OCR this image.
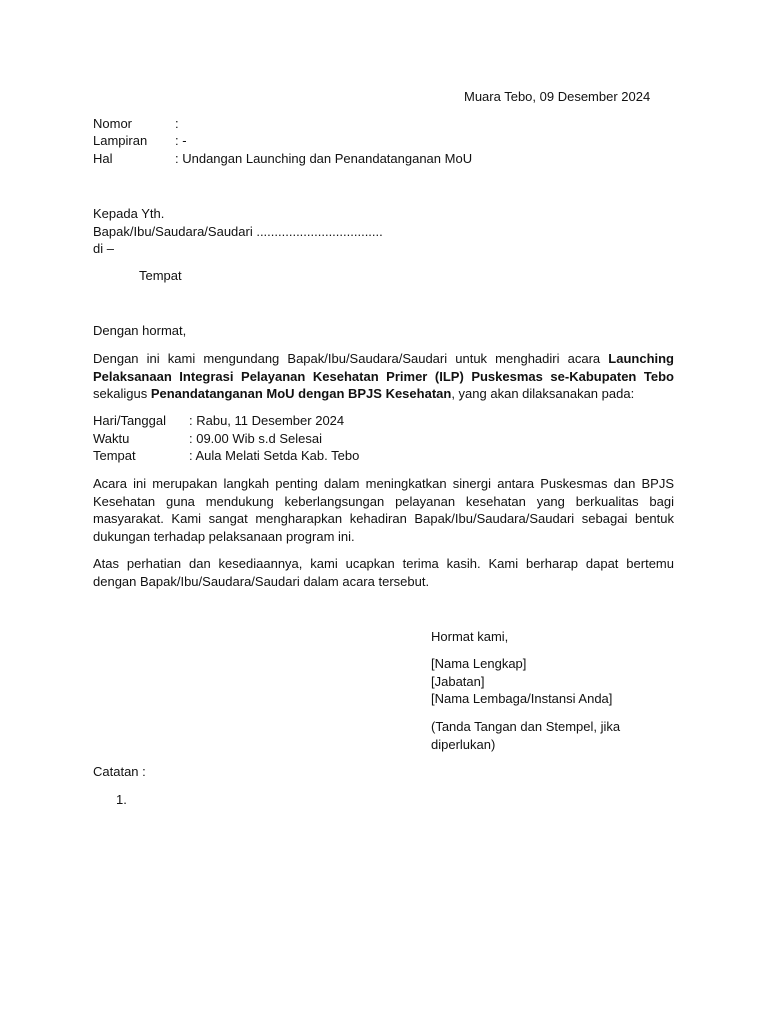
Muara Tebo, 09 Desember 2024
Nomor	:
Lampiran : -
Hal	: Undangan Launching dan Penandatanganan MoU
Kepada Yth.
Bapak/Ibu/Saudara/Saudari ...................................
di –
Tempat
Dengan hormat,
Dengan ini kami mengundang Bapak/Ibu/Saudara/Saudari untuk menghadiri acara Launching Pelaksanaan Integrasi Pelayanan Kesehatan Primer (ILP) Puskesmas se-Kabupaten Tebo sekaligus Penandatanganan MoU dengan BPJS Kesehatan, yang akan dilaksanakan pada:
Hari/Tanggal : Rabu, 11 Desember 2024
Waktu	: 09.00 Wib s.d Selesai
Tempat	: Aula Melati Setda Kab. Tebo
Acara ini merupakan langkah penting dalam meningkatkan sinergi antara Puskesmas dan BPJS Kesehatan guna mendukung keberlangsungan pelayanan kesehatan yang berkualitas bagi masyarakat. Kami sangat mengharapkan kehadiran Bapak/Ibu/Saudara/Saudari sebagai bentuk dukungan terhadap pelaksanaan program ini.
Atas perhatian dan kesediaannya, kami ucapkan terima kasih. Kami berharap dapat bertemu dengan Bapak/Ibu/Saudara/Saudari dalam acara tersebut.
Hormat kami,
[Nama Lengkap]
[Jabatan]
[Nama Lembaga/Instansi Anda]
(Tanda Tangan dan Stempel, jika diperlukan)
Catatan :
1.
